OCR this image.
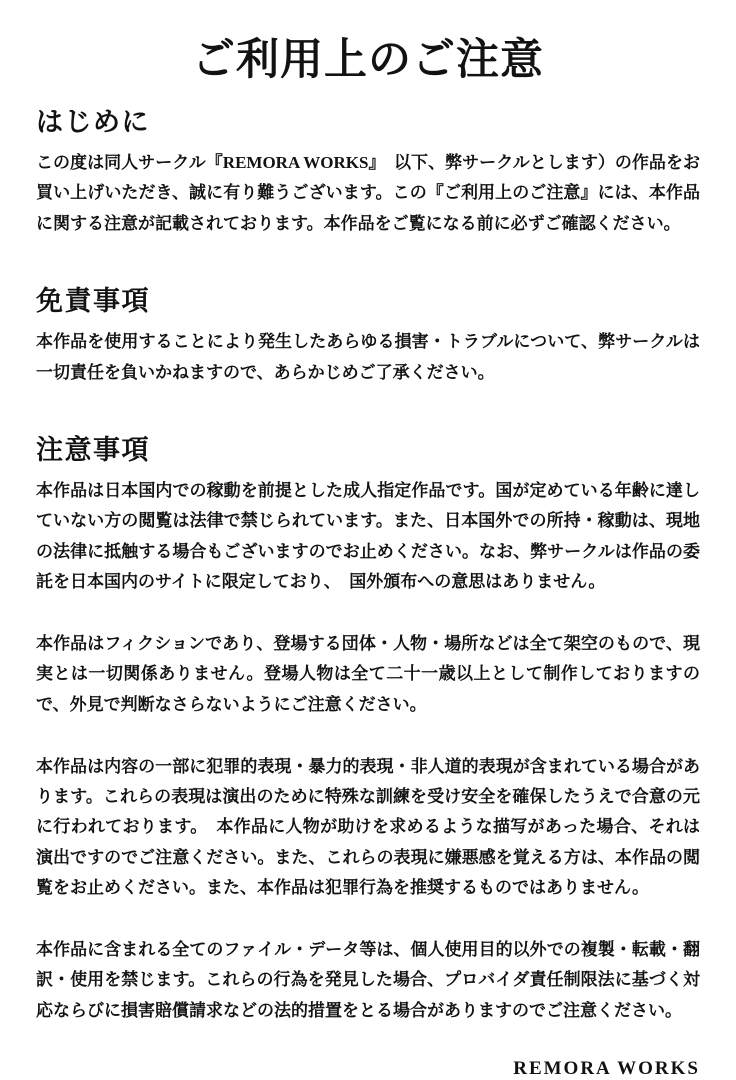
ご利用上のご注意
はじめに

この度は同人サークル『REMORA WORKS』　以下、弊サークルとします）の作品をお買い上げいただき、誠に有り難うございます。この『ご利用上のご注意』には、本作品に関する注意が記載されております。本作品をご覧になる前に必ずご確認ください。

免責事項

本作品を使用することにより発生したあらゆる損害・トラブルについて、弊サークルは一切責任を負いかねますので、あらかじめご了承ください。

注意事項

本作品は日本国内での稼動を前提とした成人指定作品です。国が定めている年齢に達していない方の閲覧は法律で禁じられています。また、日本国外での所持・稼動は、現地の法律に抵触する場合もございますのでお止めください。なお、弊サークルは作品の委託を日本国内のサイトに限定しており、　国外頒布への意思はありません。

本作品はフィクションであり、登場する団体・人物・場所などは全て架空のもので、現実とは一切関係ありません。登場人物は全て二十一歳以上として制作しておりますので、外見で判断なさらないようにご注意ください。

本作品は内容の一部に犯罪的表現・暴力的表現・非人道的表現が含まれている場合があります。これらの表現は演出のために特殊な訓練を受け安全を確保したうえで合意の元に行われております。　本作品に人物が助けを求めるような描写があった場合、それは演出ですのでご注意ください。また、これらの表現に嫌悪感を覚える方は、本作品の閲覧をお止めください。また、本作品は犯罪行為を推奨するものではありません。

本作品に含まれる全てのファイル・データ等は、個人使用目的以外での複製・転載・翻訳・使用を禁じます。これらの行為を発見した場合、プロバイダ責任制限法に基づく対応ならびに損害賠償請求などの法的措置をとる場合がありますのでご注意ください。

REMORA WORKS
